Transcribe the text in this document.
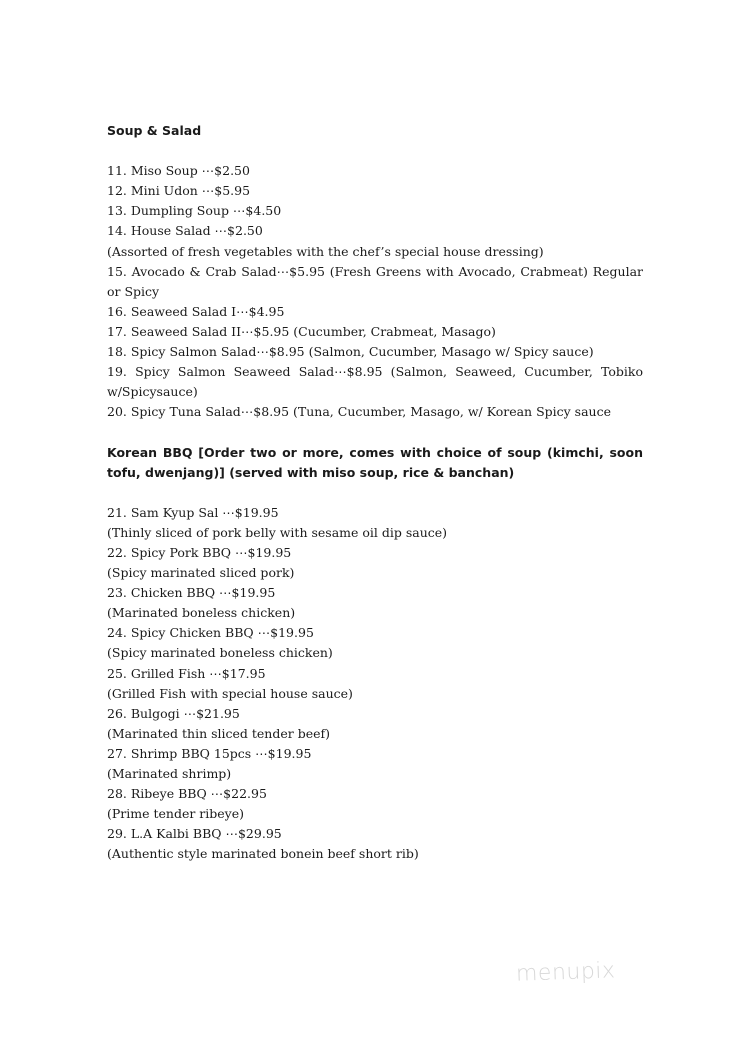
Soup & Salad

11. Miso Soup ⋯$2.50

12. Mini Udon ⋯$5.95

13. Dumpling Soup ⋯$4.50

14. House Salad ⋯$2.50

(Assorted of fresh vegetables with the chef’s special house dressing)

15. Avocado & Crab Salad⋯$5.95 (Fresh Greens with Avocado, Crabmeat) Regular or Spicy

16. Seaweed Salad I⋯$4.95

17. Seaweed Salad II⋯$5.95 (Cucumber, Crabmeat, Masago)

18. Spicy Salmon Salad⋯$8.95 (Salmon, Cucumber, Masago w/ Spicy sauce)

19. Spicy Salmon Seaweed Salad⋯$8.95 (Salmon, Seaweed, Cucumber, Tobiko w/Spicysauce)

20. Spicy Tuna Salad⋯$8.95 (Tuna, Cucumber, Masago, w/ Korean Spicy sauce

Korean BBQ [Order two or more, comes with choice of soup (kimchi, soon tofu, dwenjang)] (served with miso soup, rice & banchan)

21. Sam Kyup Sal ⋯$19.95

(Thinly sliced of pork belly with sesame oil dip sauce)

22. Spicy Pork BBQ ⋯$19.95

(Spicy marinated sliced pork)

23. Chicken BBQ ⋯$19.95

(Marinated boneless chicken)

24. Spicy Chicken BBQ ⋯$19.95

(Spicy marinated boneless chicken)

25. Grilled Fish ⋯$17.95

(Grilled Fish with special house sauce)

26. Bulgogi ⋯$21.95

(Marinated thin sliced tender beef)

27. Shrimp BBQ 15pcs ⋯$19.95

(Marinated shrimp)

28. Ribeye BBQ ⋯$22.95

(Prime tender ribeye)

29. L.A Kalbi BBQ ⋯$29.95

(Authentic style marinated bonein beef short rib)

menupix
